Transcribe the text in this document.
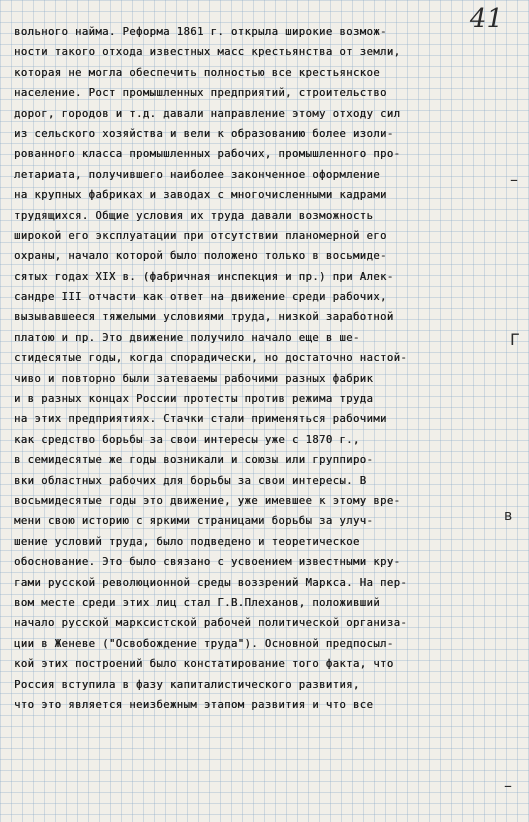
41
вольного найма. Реформа 1861 г. открыла широкие возмож-
ности такого отхода известных масс крестьянства от земли,
которая не могла обеспечить полностью все крестьянское
население. Рост промышленных предприятий, строительство
дорог, городов и т.д. давали направление этому отходу сил
из сельского хозяйства и вели к образованию более изоли-
рованного класса промышленных рабочих, промышленного про-
летариата, получившего наиболее законченное оформление
на крупных фабриках и заводах с многочисленными кадрами
трудящихся. Общие условия их труда давали возможность
широкой его эксплуатации при отсутствии планомерной его
охраны, начало которой было положено только в восьмиде-
сятых годах XIX в. (фабричная инспекция и пр.) при Алек-
сандре III отчасти как ответ на движение среди рабочих,
вызывавшееся тяжелыми условиями труда, низкой заработной
платою и пр. Это движение получило начало еще в ше-
стидесятые годы, когда спорадически, но достаточно настой-
чиво и повторно были затеваемы рабочими разных фабрик
и в разных концах России протесты против режима труда
на этих предприятиях. Стачки стали применяться рабочими
как средство борьбы за свои интересы уже с 1870 г.,
в семидесятые же годы возникали и союзы или группиро-
вки областных рабочих для борьбы за свои интересы. В
восьмидесятые годы это движение, уже имевшее к этому вре-
мени свою историю с яркими страницами борьбы за улуч-
шение условий труда, было подведено и теоретическое
обоснование. Это было связано с усвоением известными кру-
гами русской революционной среды воззрений Маркса. На пер-
вом месте среди этих лиц стал Г.В.Плеханов, положивший
начало русской марксистской рабочей политической организа-
ции в Женеве ("Освобождение труда"). Основной предпосыл-
кой этих построений было констатирование того факта, что
Россия вступила в фазу капиталистического развития,
что это является неизбежным этапом развития и что все
–
Г
в
–
